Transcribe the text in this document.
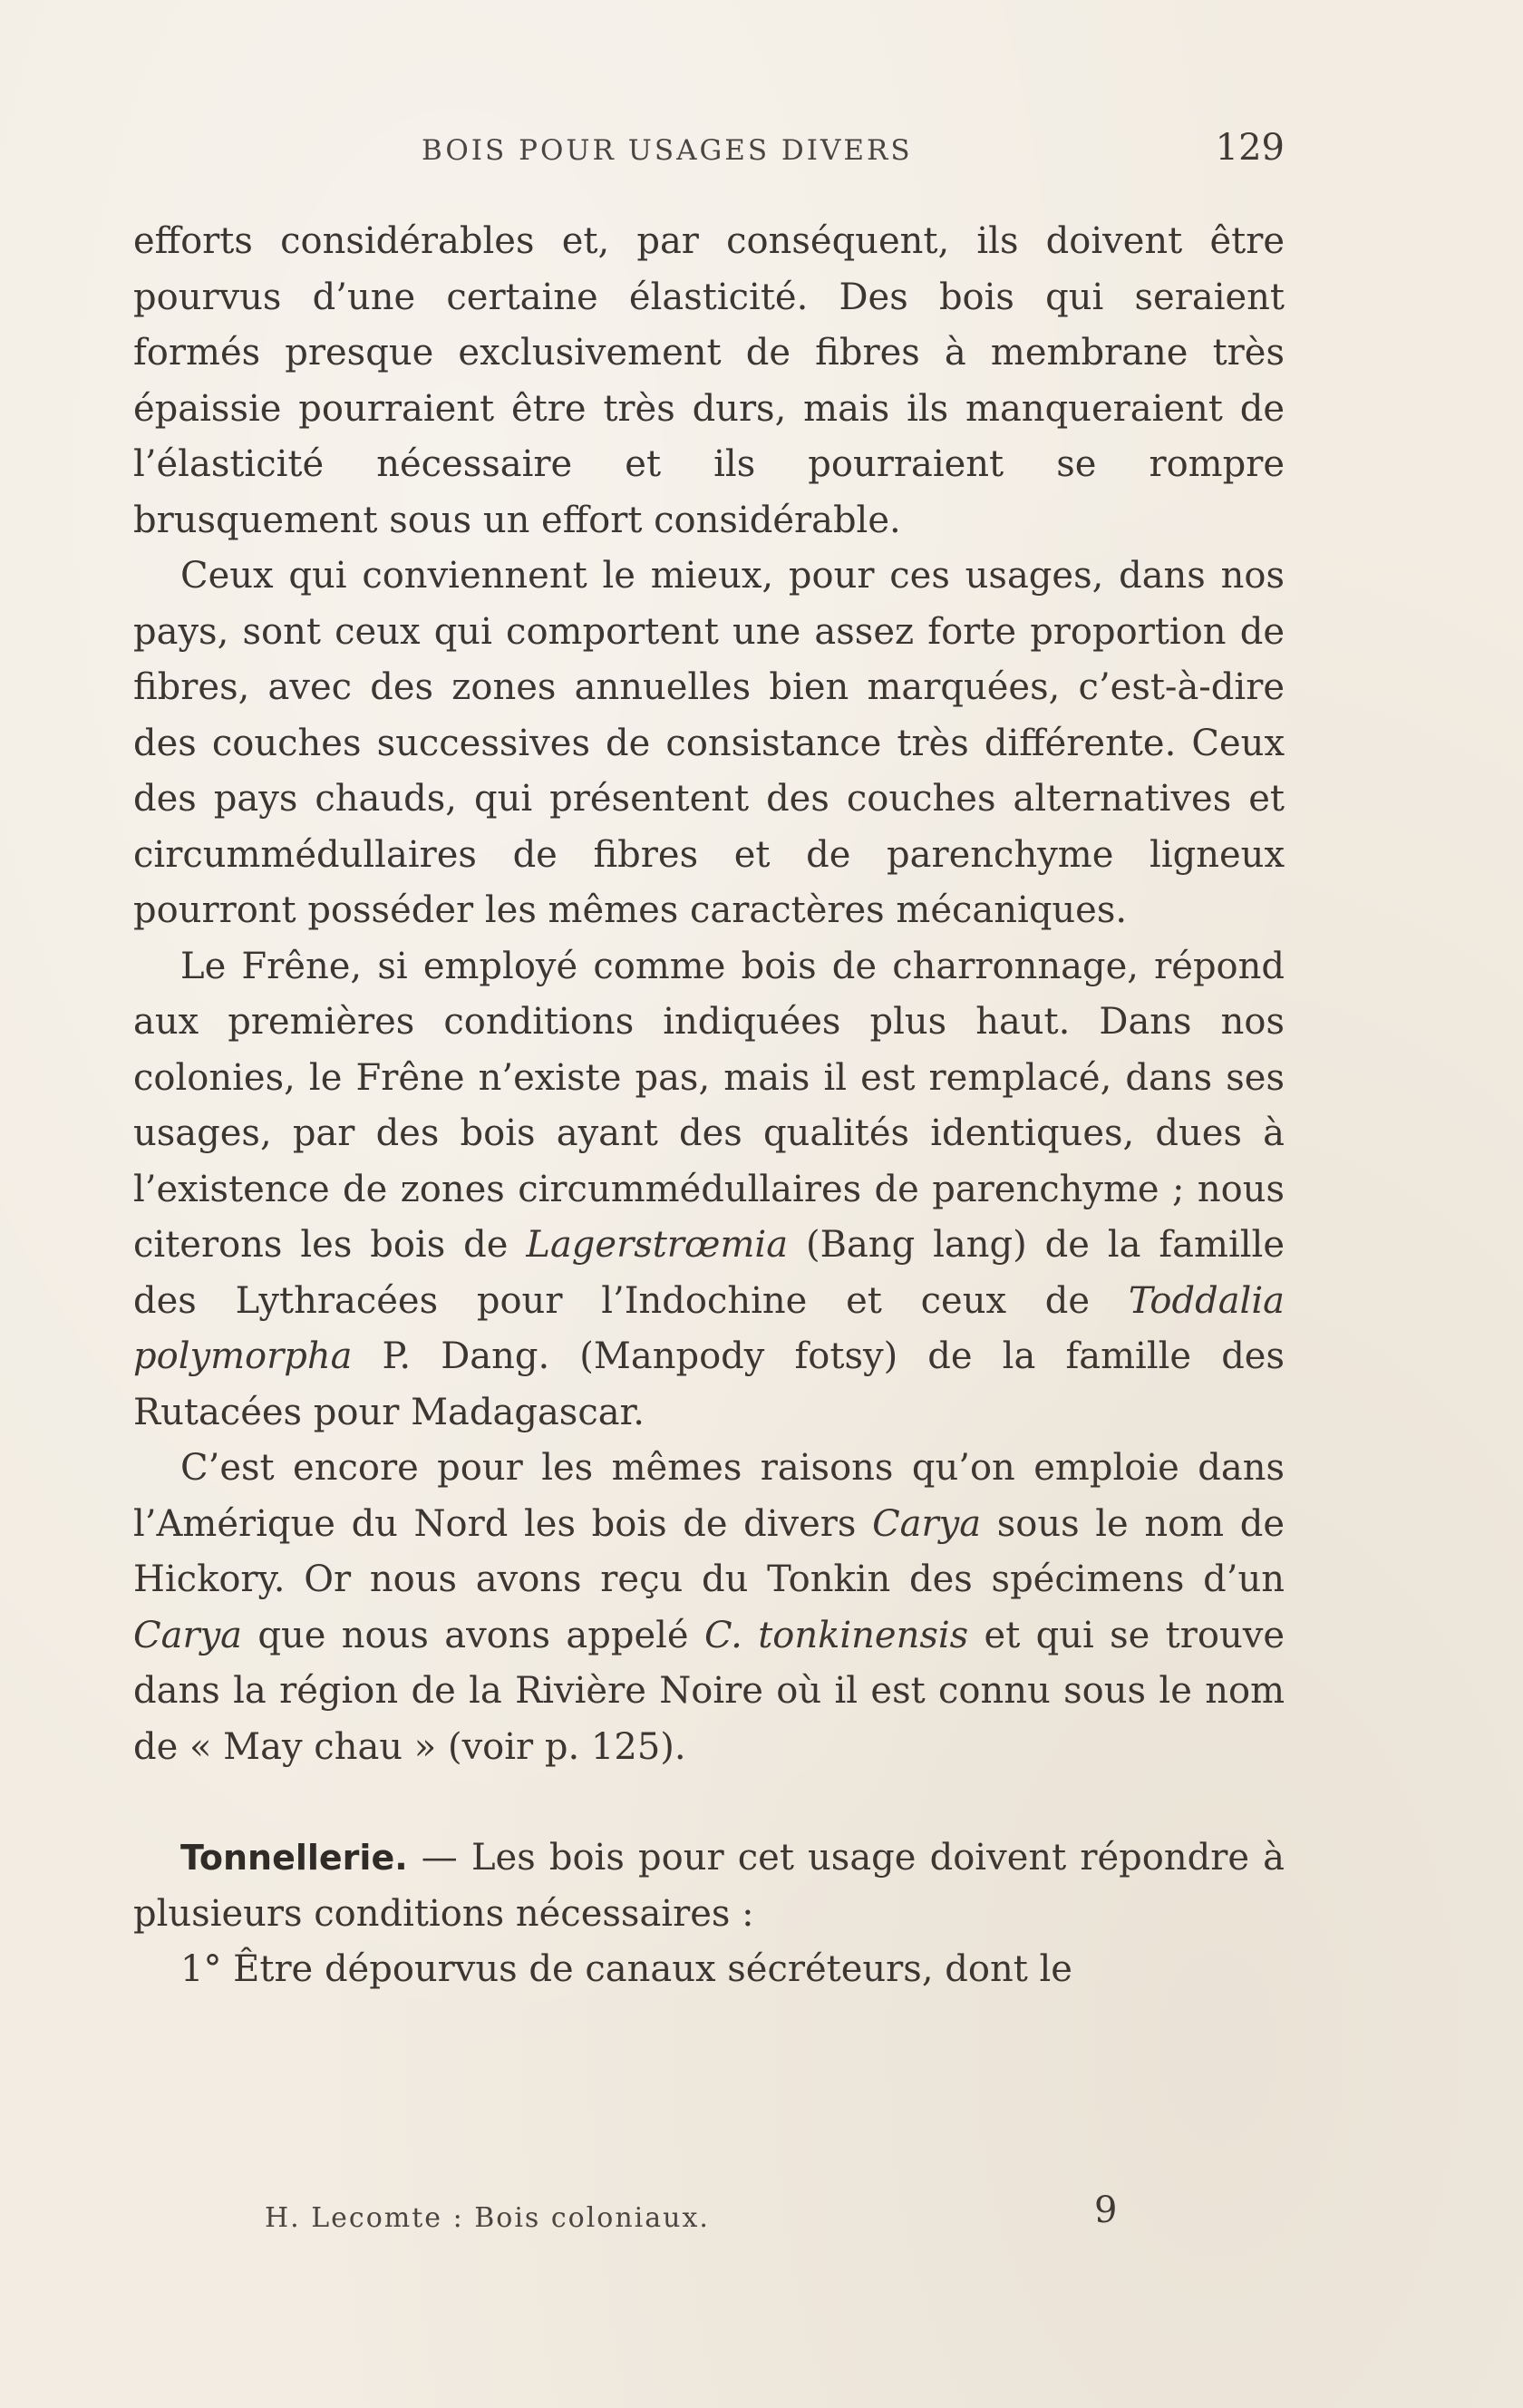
BOIS POUR USAGES DIVERS	129

efforts considérables et, par conséquent, ils doivent être pourvus d’une certaine élasticité. Des bois qui seraient formés presque exclusivement de fibres à membrane très épaissie pourraient être très durs, mais ils manqueraient de l’élasticité nécessaire et ils pourraient se rompre brusquement sous un effort considérable.

Ceux qui conviennent le mieux, pour ces usages, dans nos pays, sont ceux qui comportent une assez forte proportion de fibres, avec des zones annuelles bien marquées, c’est-à-dire des couches successives de consistance très différente. Ceux des pays chauds, qui présentent des couches alternatives et circummédullaires de fibres et de parenchyme ligneux pourront posséder les mêmes caractères mécaniques.

Le Frêne, si employé comme bois de charronnage, répond aux premières conditions indiquées plus haut. Dans nos colonies, le Frêne n’existe pas, mais il est remplacé, dans ses usages, par des bois ayant des qualités identiques, dues à l’existence de zones circummédullaires de parenchyme ; nous citerons les bois de Lagerstrœmia (Bang lang) de la famille des Lythracées pour l’Indochine et ceux de Toddalia polymorpha P. Dang. (Manpody fotsy) de la famille des Rutacées pour Madagascar.

C’est encore pour les mêmes raisons qu’on emploie dans l’Amérique du Nord les bois de divers Carya sous le nom de Hickory. Or nous avons reçu du Tonkin des spécimens d’un Carya que nous avons appelé C. tonkinensis et qui se trouve dans la région de la Rivière Noire où il est connu sous le nom de « May chau » (voir p. 125).

Tonnellerie. — Les bois pour cet usage doivent répondre à plusieurs conditions nécessaires :

1° Être dépourvus de canaux sécréteurs, dont le

H. Lecomte : Bois coloniaux.	9
